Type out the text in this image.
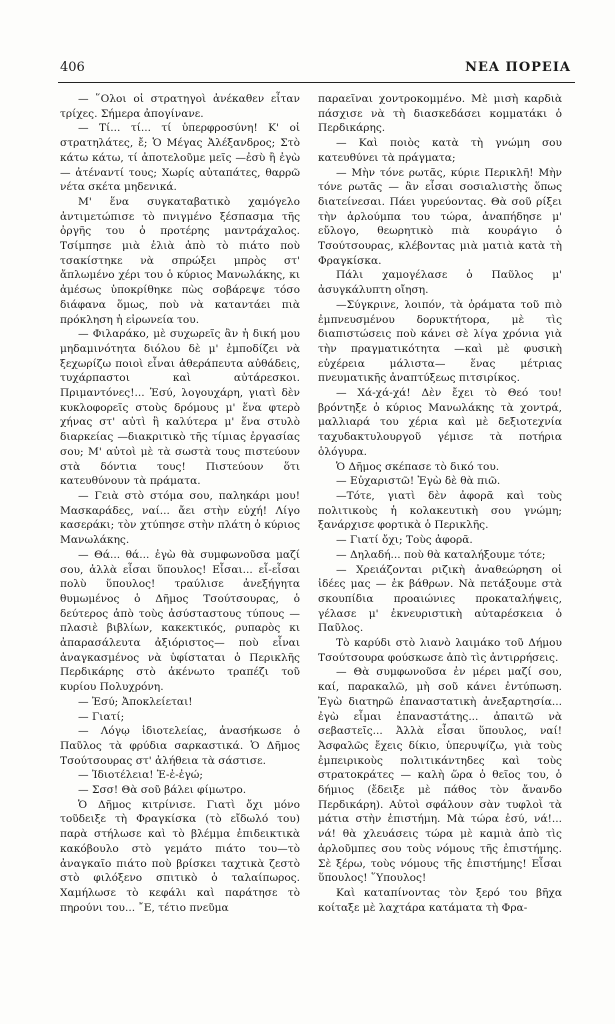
406	ΝΕΑ ΠΟΡΕΙΑ

— ῞Ολοι οἱ στρατηγοὶ ἀνέκαθεν εἶταν τρίχες. Σήμερα ἀπογίνανε.

— Τί... τί... τί ὑπερφροσύνη! Κ' οἱ στρατηλάτες, ἔ; Ὁ Μέγας Ἀλέξανδρος; Στὸ κάτω κάτω, τί ἀποτελοῦμε μεῖς —ἐσὺ ἢ ἐγὼ— ἀτέναντί τους; Χωρίς αὐταπάτες, θαρρῶ νέτα σκέτα μηδενικά.

Μ' ἕνα συγκαταβατικὸ χαμόγελο ἀντιμετώπισε τὸ πνιγμένο ξέσπασμα τῆς ὀργῆς του ὁ προτέρης μαντράχαλος. Τσίμπησε μιὰ ἐλιὰ ἀπὸ τὸ πιάτο ποὺ τσακίστηκε νὰ σπρώξει μπρὸς στ' ἄπλωμένο χέρι του ὁ κύριος Μανωλάκης, κι ἀμέσως ὑποκρίθηκε πὼς σοβάρεψε τόσο διάφανα ὅμως, ποὺ νὰ καταντάει πιὰ πρόκληση ἡ εἰρωνεία του.

— Φιλαράκο, μὲ συχωρεῖς ἂν ἡ δική μου μηδαμινότητα διόλου δὲ μ' ἐμποδίζει νὰ ξεχωρίζω ποιοὶ εἶναι ἀθεράπευτα αὐθάδεις, τυχάρπαστοι καὶ αὐτάρεσκοι. Πριμαντόνες!... Ἐσύ, λογουχάρη, γιατὶ δὲν κυκλοφορεῖς στοὺς δρόμους μ' ἕνα φτερὸ χήνας στ' αὐτὶ ἢ καλύτερα μ' ἕνα στυλὸ διαρκείας —διακριτικὸ τῆς τίμιας ἐργασίας σου; Μ' αὐτοὶ μὲ τὰ σωστὰ τους πιστεύουν στὰ δόντια τους! Πιστεύουν ὅτι κατευθύνουν τὰ πράματα.

— Γειὰ στὸ στόμα σου, παληκάρι μου! Μασκαράδες, ναί... ἄει στὴν εὐχή! Λίγο κασεράκι; τὸν χτύπησε στὴν πλάτη ὁ κύριος Μανωλάκης.

— Θά... θά... ἐγὼ θὰ συμφωνοῦσα μαζί σου, ἀλλὰ εἶσαι ὕπουλος! Εἶσαι... εἶ-εἶσαι πολὺ ὕπουλος! τραύλισε ἀνεξήγητα θυμωμένος ὁ Δῆμος Τσούτσουρας, ὁ δεύτερος ἀπὸ τοὺς ἀσύσταστους τύπους —πλασιὲ βιβλίων, κακεκτικός, ρυπαρὸς κι ἀπαρασάλευτα ἀξιόριστος— ποὺ εἶναι ἀναγκασμένος νὰ ὑφίσταται ὁ Περικλῆς Περδικάρης στὸ ἀκένωτο τραπέζι τοῦ κυρίου Πολυχρόνη.

— Ἐσύ; Ἀποκλείεται!

— Γιατί;

— Λόγῳ ἰδιοτελείας, ἀνασήκωσε ὁ Παῦλος τὰ φρύδια σαρκαστικά. Ὁ Δῆμος Τσούτσουρας στ' ἀλήθεια τὰ σάστισε.

— Ἰδιοτέλεια! Ἐ-ἐ-ἐγώ;

— Σσσ! Θὰ σοῦ βάλει φίμωτρο.

Ὁ Δῆμος κιτρίνισε. Γιατὶ ὄχι μόνο τοῦδειξε τὴ Φραγκίσκα (τὸ εἴδωλό του) παρὰ στήλωσε καὶ τὸ βλέμμα ἐπιδεικτικὰ κακόβουλο στὸ γεμάτο πιάτο του—τὸ ἀναγκαῖο πιάτο ποὺ βρίσκει ταχτικὰ ζεστὸ στὸ φιλόξενο σπιτικὸ ὁ ταλαίπωρος. Χαμήλωσε τὸ κεφάλι καὶ παράτησε τὸ πηρούνι του... ῎Ε, τέτιο πνεῦμα

παραεῖναι χοντροκομμένο. Μὲ μισὴ καρδιὰ πάσχισε νὰ τὴ διασκεδάσει κομματάκι ὁ Περδικάρης.

— Καὶ ποιὸς κατὰ τὴ γνώμη σου κατευθύνει τὰ πράγματα;

— Μὴν τόνε ρωτᾶς, κύριε Περικλῆ! Μὴν τόνε ρωτᾶς — ἂν εἶσαι σοσιαλιστὴς ὅπως διατείνεσαι. Πάει γυρεύοντας. Θὰ σοῦ ρίξει τὴν ἀρλούμπα του τώρα, ἀναπήδησε μ' εὔλογο, θεωρητικὸ πιὰ κουράγιο ὁ Τσούτσουρας, κλέβοντας μιὰ ματιὰ κατὰ τὴ Φραγκίσκα.

Πάλι χαμογέλασε ὁ Παῦλος μ' ἀσυγκάλυπτη οἴηση.

—Σύγκρινε, λοιπόν, τὰ ὁράματα τοῦ πιὸ ἐμπνευσμένου δορυκτήτορα, μὲ τὶς διαπιστώσεις ποὺ κάνει σὲ λίγα χρόνια γιὰ τὴν πραγματικότητα —καὶ μὲ φυσικὴ εὐχέρεια μάλιστα— ἕνας μέτριας πνευματικῆς ἀναπτύξεως πιτσιρίκος.

— Χά-χά-χά! Δὲν ἔχει τὸ Θεό του! βρόντηξε ὁ κύριος Μανωλάκης τὰ χοντρά, μαλλιαρά του χέρια καὶ μὲ δεξιοτεχνία ταχυδακτυλουργοῦ γέμισε τὰ ποτήρια ὁλόγυρα.

Ὁ Δῆμος σκέπασε τὸ δικό του.

— Εὐχαριστῶ! Ἐγὼ δὲ θὰ πιῶ.

—Τότε, γιατὶ δὲν ἀφορᾶ καὶ τοὺς πολιτικοὺς ἡ κολακευτικὴ σου γνώμη; ξανάρχισε φορτικὰ ὁ Περικλῆς.

— Γιατί ὄχι; Τοὺς ἀφορᾶ.

— Δηλαδή... ποὺ θὰ καταλήξουμε τότε;

— Χρειάζονται ριζικὴ ἀναθεώρηση οἱ ἰδέες μας — ἐκ βάθρων. Νὰ πετάξουμε στὰ σκουπίδια προαιώνιες προκαταλήψεις, γέλασε μ' ἐκνευριστικὴ αὐταρέσκεια ὁ Παῦλος.

Τὸ καρύδι στὸ λιανὸ λαιμάκο τοῦ Δήμου Τσούτσουρα φούσκωσε ἀπὸ τὶς ἀντιρρήσεις.

— Θὰ συμφωνοῦσα ἐν μέρει μαζί σου, καί, παρακαλῶ, μὴ σοῦ κάνει ἐντύπωση. Ἐγὼ διατηρῶ ἐπαναστατικὴ ἀνεξαρτησία... ἐγὼ εἶμαι ἐπαναστάτης... ἀπαιτῶ νὰ σεβαστεῖς... Ἀλλὰ εἶσαι ὕπουλος, ναί! Ἀσφαλῶς ἔχεις δίκιο, ὑπερυψίζω, γιὰ τοὺς ἐμπειρικοὺς πολιτικάντηδες καὶ τοὺς στρατοκράτες — καλὴ ὥρα ὁ θεῖος του, ὁ δήμιος (ἔδειξε μὲ πάθος τὸν ἄνανδο Περδικάρη). Αὐτοὶ σφάλουν σὰν τυφλοὶ τὰ μάτια στὴν ἐπιστήμη. Μὰ τώρα ἐσύ, νά!... νά! θὰ χλευάσεις τώρα μὲ καμιὰ ἀπὸ τὶς ἀρλοῦμπες σου τοὺς νόμους τῆς ἐπιστήμης. Σὲ ξέρω, τοὺς νόμους τῆς ἐπιστήμης! Εἶσαι ὕπουλος! ῞Υπουλος!

Καὶ καταπίνοντας τὸν ξερό του βῆχα κοίταξε μὲ λαχτάρα κατάματα τὴ Φρα-
